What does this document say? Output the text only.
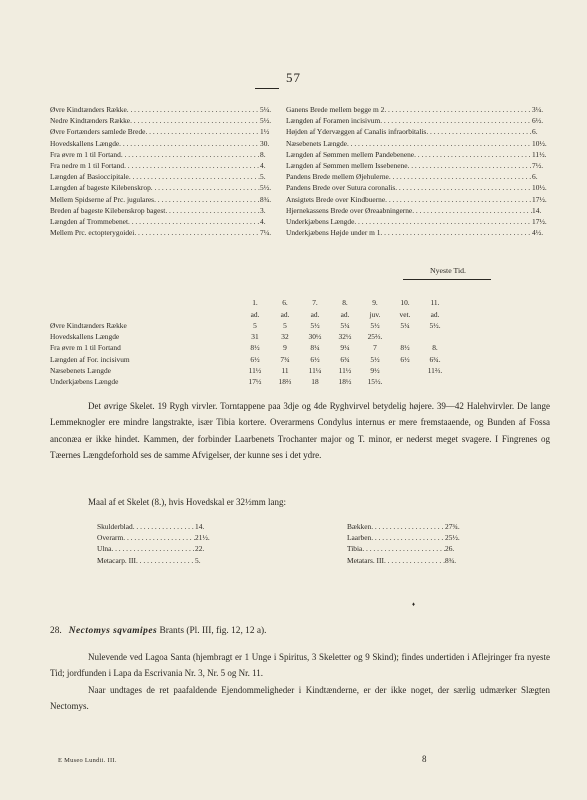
57
Øvre Kindtænders Række . . .	5¼.
Nedre Kindtænders Række . . .	5½.
Øvre Fortænders samlede Brede . . .	1½
Hovedskallens Længde . . .	30.
Fra øvre m 1 til Fortand . . .	8.
Fra nedre m 1 til Fortand . . .	4.
Længden af Basioccipitale . . .	5.
Længden af bageste Kilebenskrop . . .	5½.
Mellem Spidserne af Prc. jugulares . . .	8¾.
Breden af bageste Kilebenskrop bagest . . .	3.
Længden af Trommebenet . . .	4.
Mellem Prc. ectopterygoidei . . .	7¼.
Ganens Brede mellem begge m 2 . . .	3¼.
Længden af Foramen incisivum . . .	6½.
Højden af Ydervæggen af Canalis infraorbitalis . . .	6.
Næsebenets Længde . . .	10½.
Længden af Sømmen mellem Pandebenene . . .	11½.
Længden af Sømmen mellem Issebenene . . .	7½.
Pandens Brede mellem Øjehulerne . . .	6.
Pandens Brede over Sutura coronalis . . .	10½.
Ansigtets Brede over Kindbuerne . . .	17½.
Hjernekassens Brede over Øreaabningerne . . .	14.
Underkjæbens Længde . . .	17½.
Underkjæbens Højde under m 1 . . .	4½.
Nyeste Tid.
	1.	6.	7.	8.	9.	10.	11.
	ad.	ad.	ad.	ad.	juv.	vet.	ad.
Øvre Kindtænders Række	5	5	5½	5¼	5½	5¼	5½.
Hovedskallens Længde	31	32	30½	32½	25⅔.		
Fra øvre m 1 til Fortand	8½	9	8¼	9¼	7	8½	8.
Længden af For. incisivum	6½	7¾	6½	6¾	5½	6½	6¾.
Næsebenets Længde	11½	11	11¼	11½	9½		11⅔.
Underkjæbens Længde	17½	18⅔	18	18½	15½.		

Det øvrige Skelet. 19 Rygh virvler. Torntappene paa 3dje og 4de Ryghvirvel betydelig højere. 39—42 Halehvirvler. De lange Lemmeknogler ere mindre langstrakte, især Tibia kortere. Overarmens Condylus internus er mere fremstaaende, og Bunden af Fossa anconæa er ikke hindet. Kammen, der forbinder Laarbenets Trochanter major og T. minor, er nederst meget svagere. I Fingrenes og Tæernes Længdeforhold ses de samme Afvigelser, der kunne ses i det ydre.

Maal af et Skelet (8.), hvis Hovedskal er 32½mm lang:
Skulderblad . . .	14.
Overarm . . .	21½.
Ulna . . .	22.
Metacarp. III . . .	5.
Bækken . . .	27¾.
Laarben . . .	25½.
Tibia . . .	26.
Metatars. III . . .	8¾.
♦
28. Nectomys sqvamipes Brants (Pl. III, fig. 12, 12 a).

Nulevende ved Lagoa Santa (hjembragt er 1 Unge i Spiritus, 3 Skeletter og 9 Skind); findes undertiden i Aflejringer fra nyeste Tid; jordfunden i Lapa da Escrivania Nr. 3, Nr. 5 og Nr. 11.

Naar undtages de ret paafaldende Ejendommeligheder i Kindtænderne, er der ikke noget, der særlig udmærker Slægten Nectomys.

E Museo Lundii. III.	8
